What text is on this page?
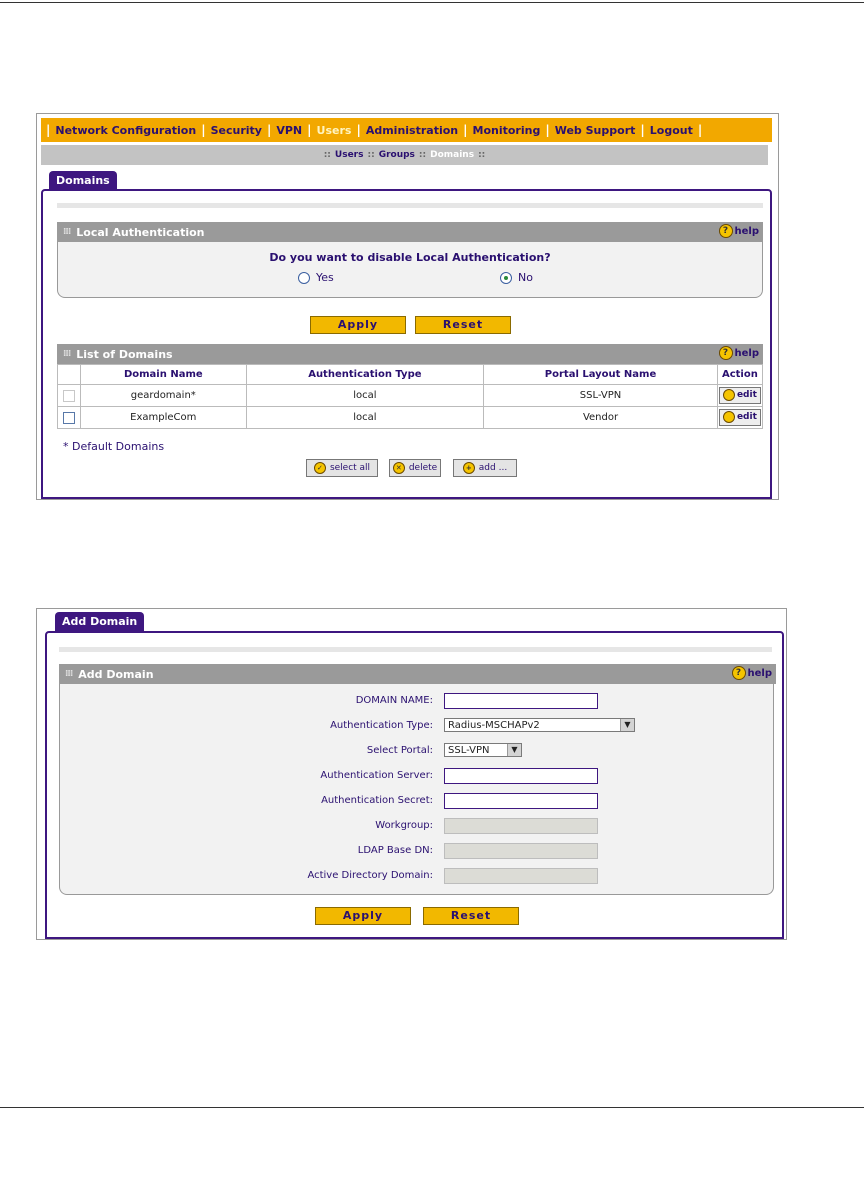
| Network Configuration | Security | VPN | Users | Administration | Monitoring | Web Support | Logout |
:: Users :: Groups :: Domains ::
Domains
⁞⁞⁞ Local Authentication	? help
Do you want to disable Local Authentication?
Yes	No
Apply	Reset
⁞⁞⁞ List of Domains	? help
	Domain Name	Authentication Type	Portal Layout Name	Action
	geardomain*	local	SSL-VPN	edit

	ExampleCom	local	Vendor	edit
* Default Domains
✓ select all	✕ delete	+ add ...
Add Domain
⁞⁞⁞ Add Domain	? help
DOMAIN NAME:
Authentication Type:	Radius-MSCHAPv2	▼
Select Portal:	SSL-VPN	▼
Authentication Server:
Authentication Secret:
Workgroup:
LDAP Base DN:
Active Directory Domain:
Apply	Reset
